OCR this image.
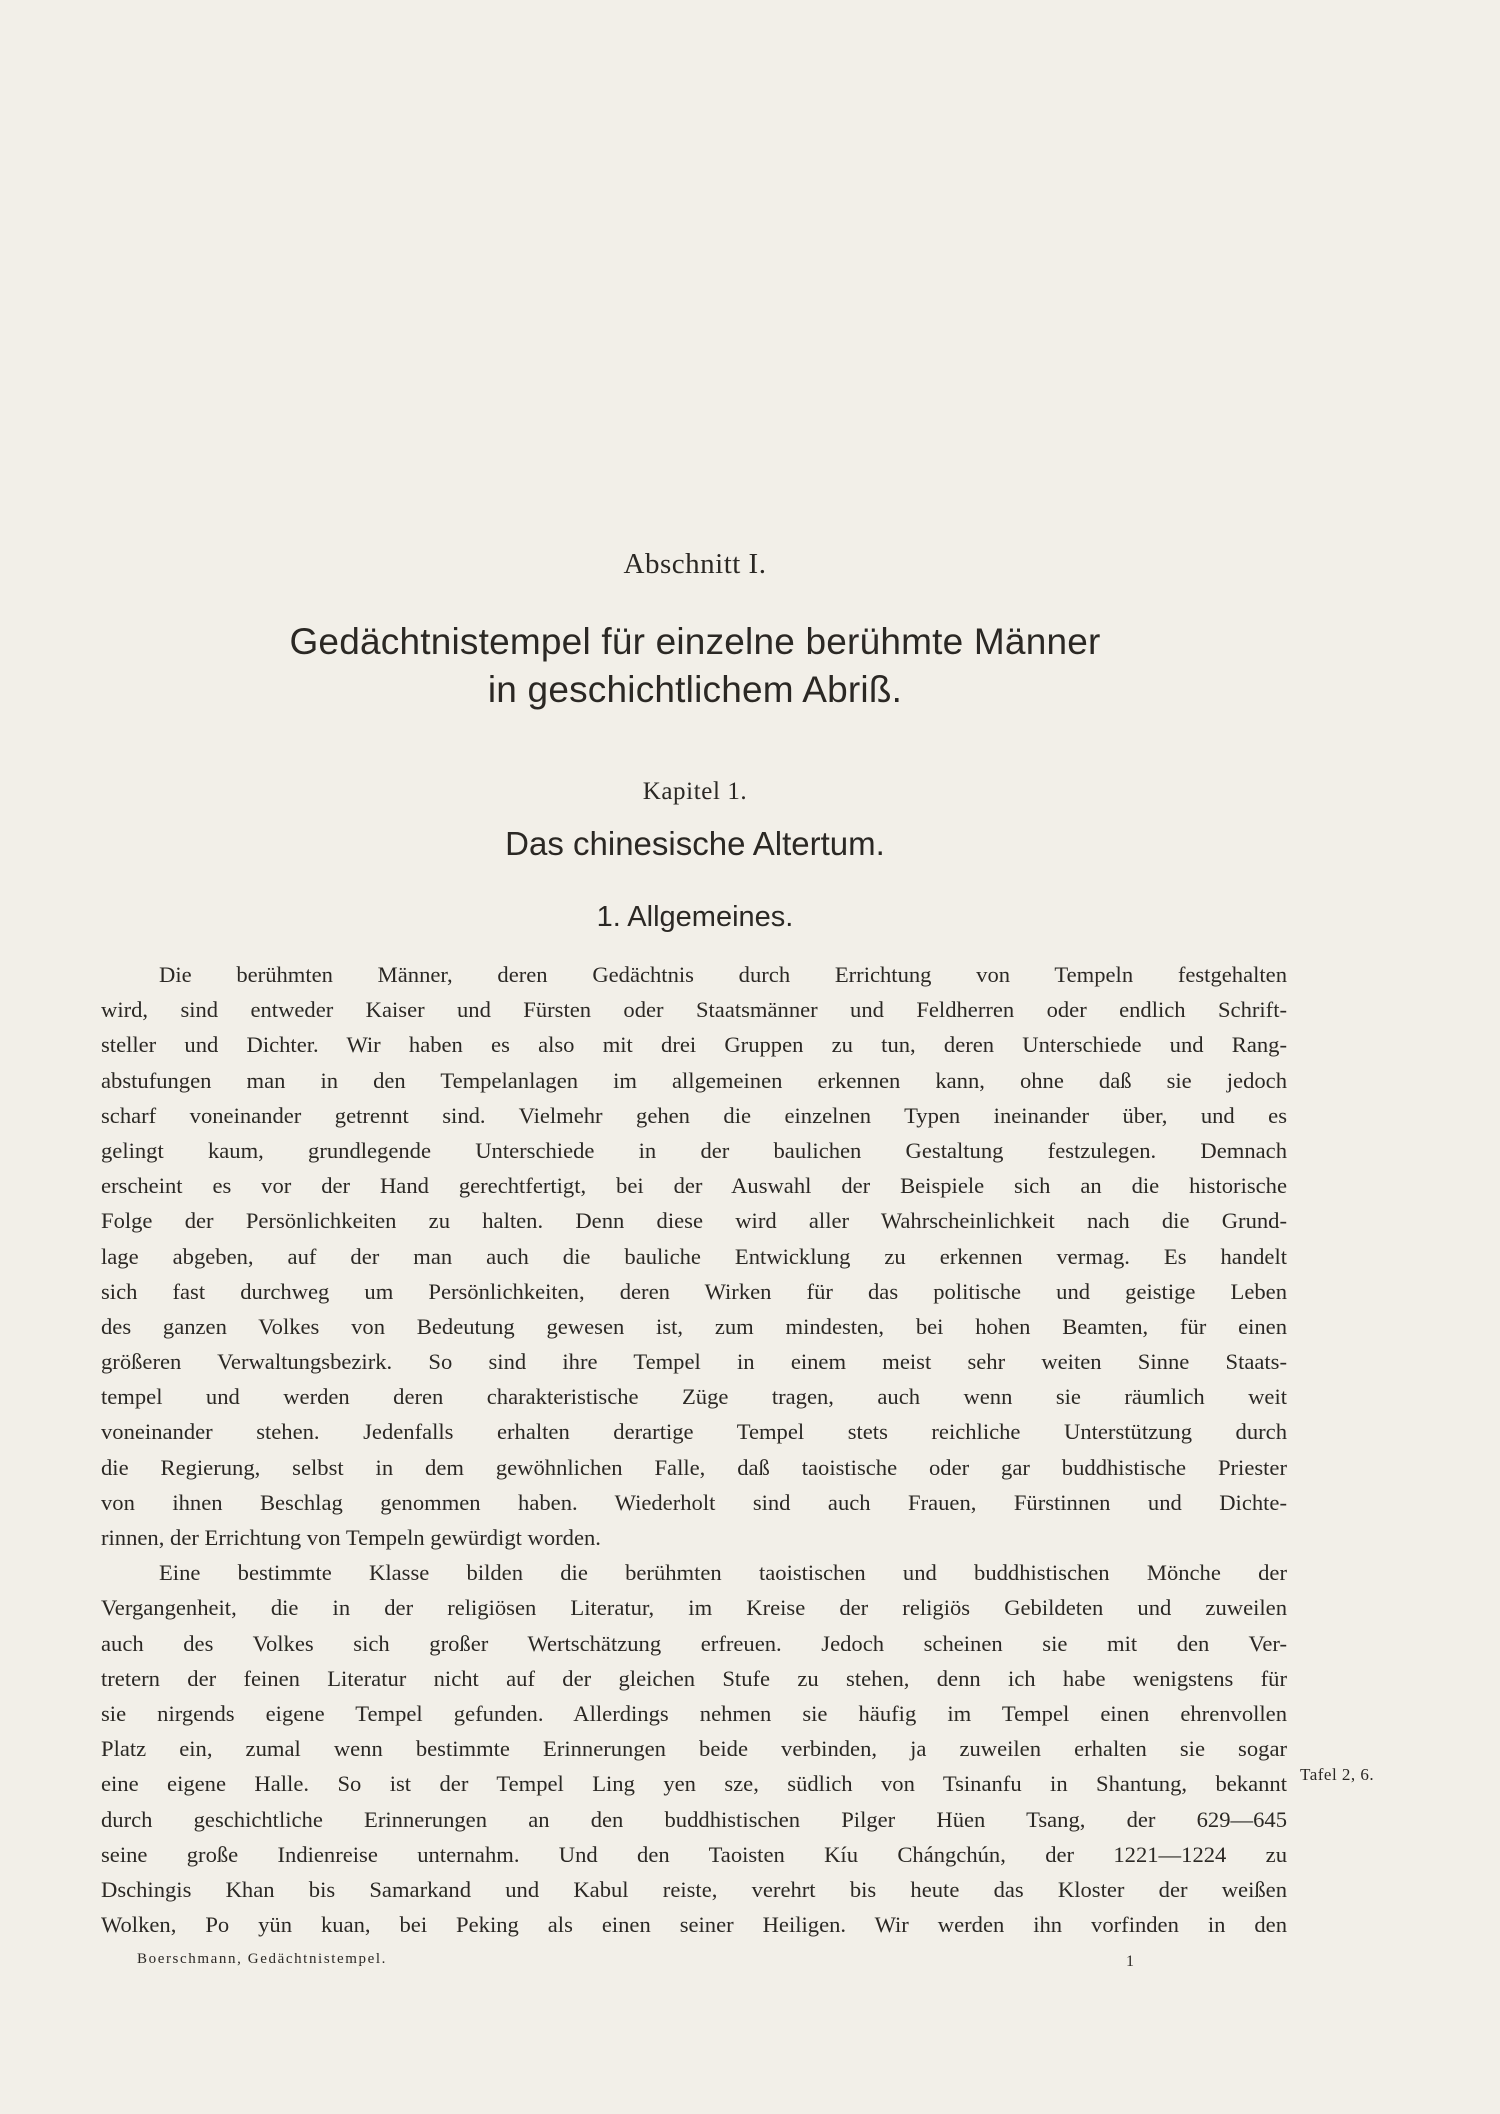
Abschnitt I.
Gedächtnistempel für einzelne berühmte Männer
in geschichtlichem Abriß.
Kapitel 1.
Das chinesische Altertum.
1. Allgemeines.
Die berühmten Männer, deren Gedächtnis durch Errichtung von Tempeln festgehalten
wird, sind entweder Kaiser und Fürsten oder Staatsmänner und Feldherren oder endlich Schrift-
steller und Dichter. Wir haben es also mit drei Gruppen zu tun, deren Unterschiede und Rang-
abstufungen man in den Tempelanlagen im allgemeinen erkennen kann, ohne daß sie jedoch
scharf voneinander getrennt sind. Vielmehr gehen die einzelnen Typen ineinander über, und es
gelingt kaum, grundlegende Unterschiede in der baulichen Gestaltung festzulegen. Demnach
erscheint es vor der Hand gerechtfertigt, bei der Auswahl der Beispiele sich an die historische
Folge der Persönlichkeiten zu halten. Denn diese wird aller Wahrscheinlichkeit nach die Grund-
lage abgeben, auf der man auch die bauliche Entwicklung zu erkennen vermag. Es handelt
sich fast durchweg um Persönlichkeiten, deren Wirken für das politische und geistige Leben
des ganzen Volkes von Bedeutung gewesen ist, zum mindesten, bei hohen Beamten, für einen
größeren Verwaltungsbezirk. So sind ihre Tempel in einem meist sehr weiten Sinne Staats-
tempel und werden deren charakteristische Züge tragen, auch wenn sie räumlich weit
voneinander stehen. Jedenfalls erhalten derartige Tempel stets reichliche Unterstützung durch
die Regierung, selbst in dem gewöhnlichen Falle, daß taoistische oder gar buddhistische Priester
von ihnen Beschlag genommen haben. Wiederholt sind auch Frauen, Fürstinnen und Dichte-
rinnen, der Errichtung von Tempeln gewürdigt worden.
Eine bestimmte Klasse bilden die berühmten taoistischen und buddhistischen Mönche der
Vergangenheit, die in der religiösen Literatur, im Kreise der religiös Gebildeten und zuweilen
auch des Volkes sich großer Wertschätzung erfreuen. Jedoch scheinen sie mit den Ver-
tretern der feinen Literatur nicht auf der gleichen Stufe zu stehen, denn ich habe wenigstens für
sie nirgends eigene Tempel gefunden. Allerdings nehmen sie häufig im Tempel einen ehrenvollen
Platz ein, zumal wenn bestimmte Erinnerungen beide verbinden, ja zuweilen erhalten sie sogar
eine eigene Halle. So ist der Tempel Ling yen sze, südlich von Tsinanfu in Shantung, bekannt
durch geschichtliche Erinnerungen an den buddhistischen Pilger Hüen Tsang, der 629—645
seine große Indienreise unternahm. Und den Taoisten Kíu Chángchún, der 1221—1224 zu
Dschingis Khan bis Samarkand und Kabul reiste, verehrt bis heute das Kloster der weißen
Wolken, Po yün kuan, bei Peking als einen seiner Heiligen. Wir werden ihn vorfinden in den
Tafel 2, 6.
Boerschmann, Gedächtnistempel.	1
